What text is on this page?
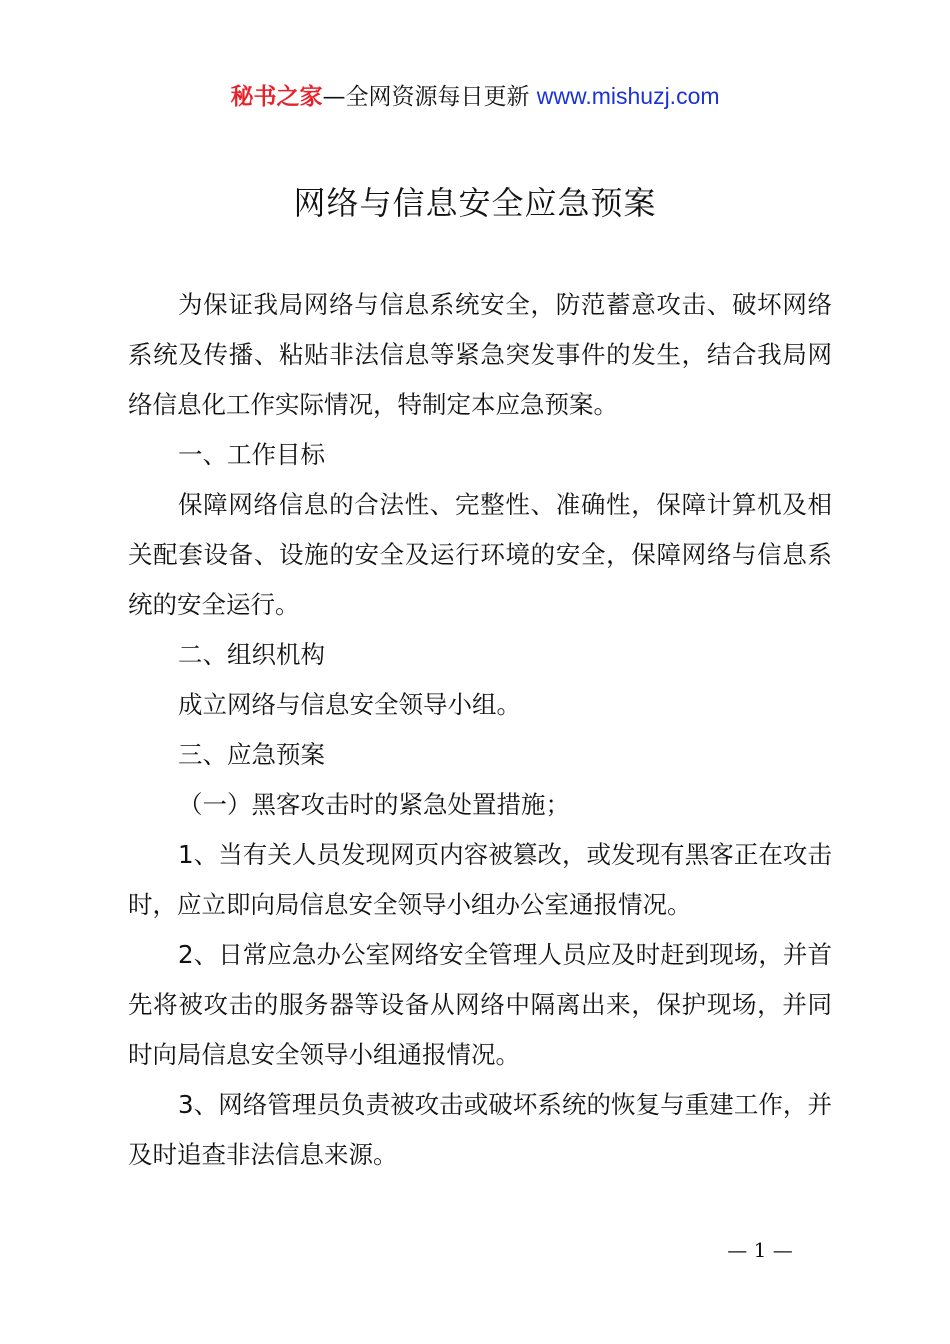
秘书之家—全网资源每日更新 www.mishuzj.com
网络与信息安全应急预案

为保证我局网络与信息系统安全，防范蓄意攻击、破坏网络系统及传播、粘贴非法信息等紧急突发事件的发生，结合我局网络信息化工作实际情况，特制定本应急预案。

一、工作目标

保障网络信息的合法性、完整性、准确性，保障计算机及相关配套设备、设施的安全及运行环境的安全，保障网络与信息系统的安全运行。

二、组织机构

成立网络与信息安全领导小组。

三、应急预案

（一）黑客攻击时的紧急处置措施；

1、当有关人员发现网页内容被篡改，或发现有黑客正在攻击时，应立即向局信息安全领导小组办公室通报情况。

2、日常应急办公室网络安全管理人员应及时赶到现场，并首先将被攻击的服务器等设备从网络中隔离出来，保护现场，并同时向局信息安全领导小组通报情况。

3、网络管理员负责被攻击或破坏系统的恢复与重建工作，并及时追查非法信息来源。

— 1 —
